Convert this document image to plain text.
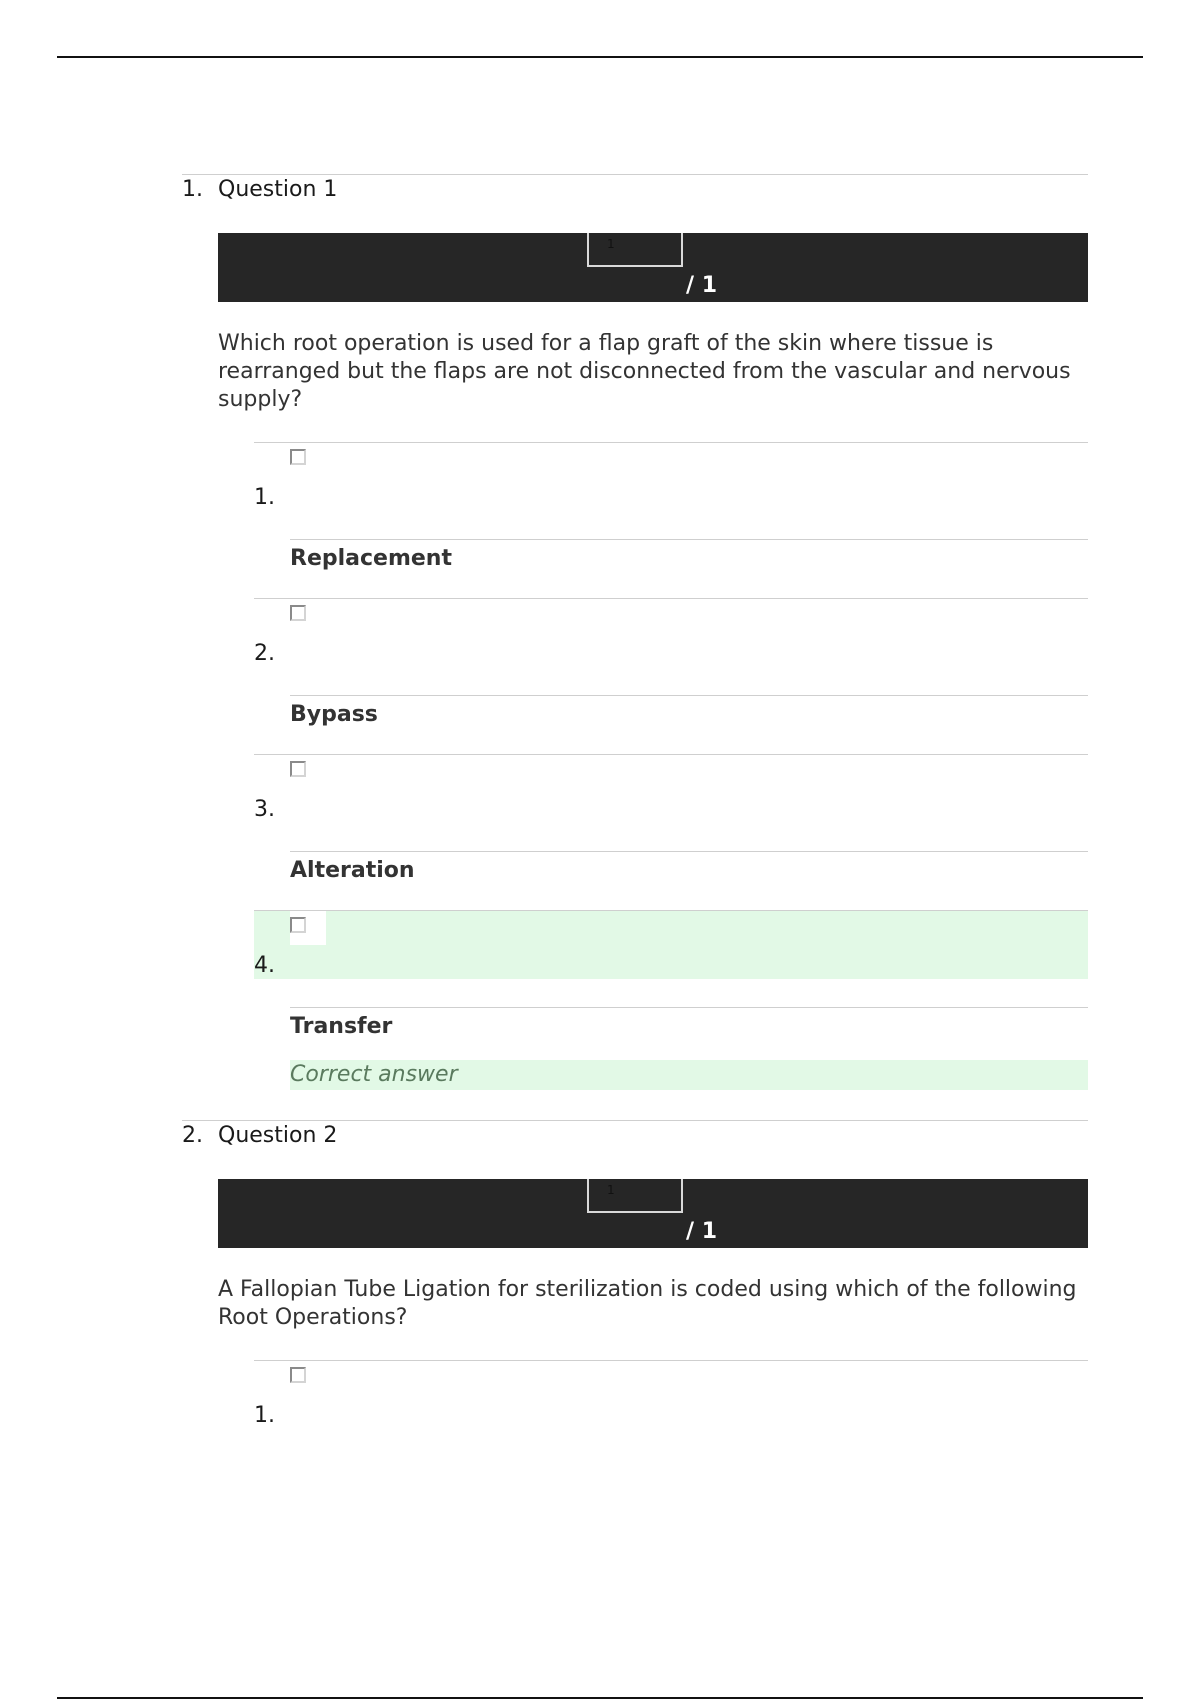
1. Question 1
1
/ 1
Which root operation is used for a flap graft of the skin where tissue is rearranged but the flaps are not disconnected from the vascular and nervous supply?
1.
Replacement
2.
Bypass
3.
Alteration
4.
Transfer
Correct answer
2. Question 2
1
/ 1
A Fallopian Tube Ligation for sterilization is coded using which of the following Root Operations?
1.
